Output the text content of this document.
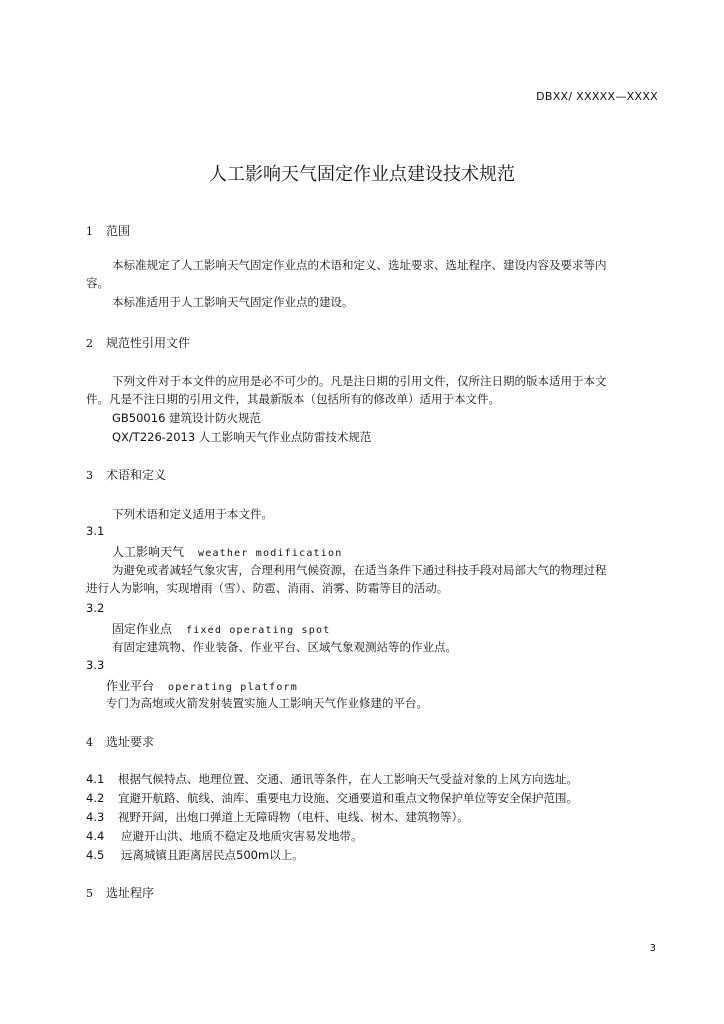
DBXX/ XXXXX—XXXX
人工影响天气固定作业点建设技术规范
1 范围
本标准规定了人工影响天气固定作业点的术语和定义、选址要求、选址程序、建设内容及要求等内
容。
本标准适用于人工影响天气固定作业点的建设。
2 规范性引用文件
下列文件对于本文件的应用是必不可少的。凡是注日期的引用文件，仅所注日期的版本适用于本文
件。凡是不注日期的引用文件，其最新版本（包括所有的修改单）适用于本文件。
GB50016 建筑设计防火规范
QX/T226-2013 人工影响天气作业点防雷技术规范
3 术语和定义
下列术语和定义适用于本文件。
3.1
人工影响天气 weather modification
为避免或者减轻气象灾害，合理利用气候资源，在适当条件下通过科技手段对局部大气的物理过程
进行人为影响，实现增雨（雪）、防雹、消雨、消雾、防霜等目的活动。
3.2
固定作业点 fixed operating spot
有固定建筑物、作业装备、作业平台、区域气象观测站等的作业点。
3.3
作业平台 operating platform
专门为高炮或火箭发射装置实施人工影响天气作业修建的平台。
4 选址要求
4.1 根据气候特点、地理位置、交通、通讯等条件，在人工影响天气受益对象的上风方向选址。
4.2 宜避开航路、航线、油库、重要电力设施、交通要道和重点文物保护单位等安全保护范围。
4.3 视野开阔，出炮口弹道上无障碍物（电杆、电线、树木、建筑物等）。
4.4 应避开山洪、地质不稳定及地质灾害易发地带。
4.5 远离城镇且距离居民点500m以上。
5 选址程序
3
